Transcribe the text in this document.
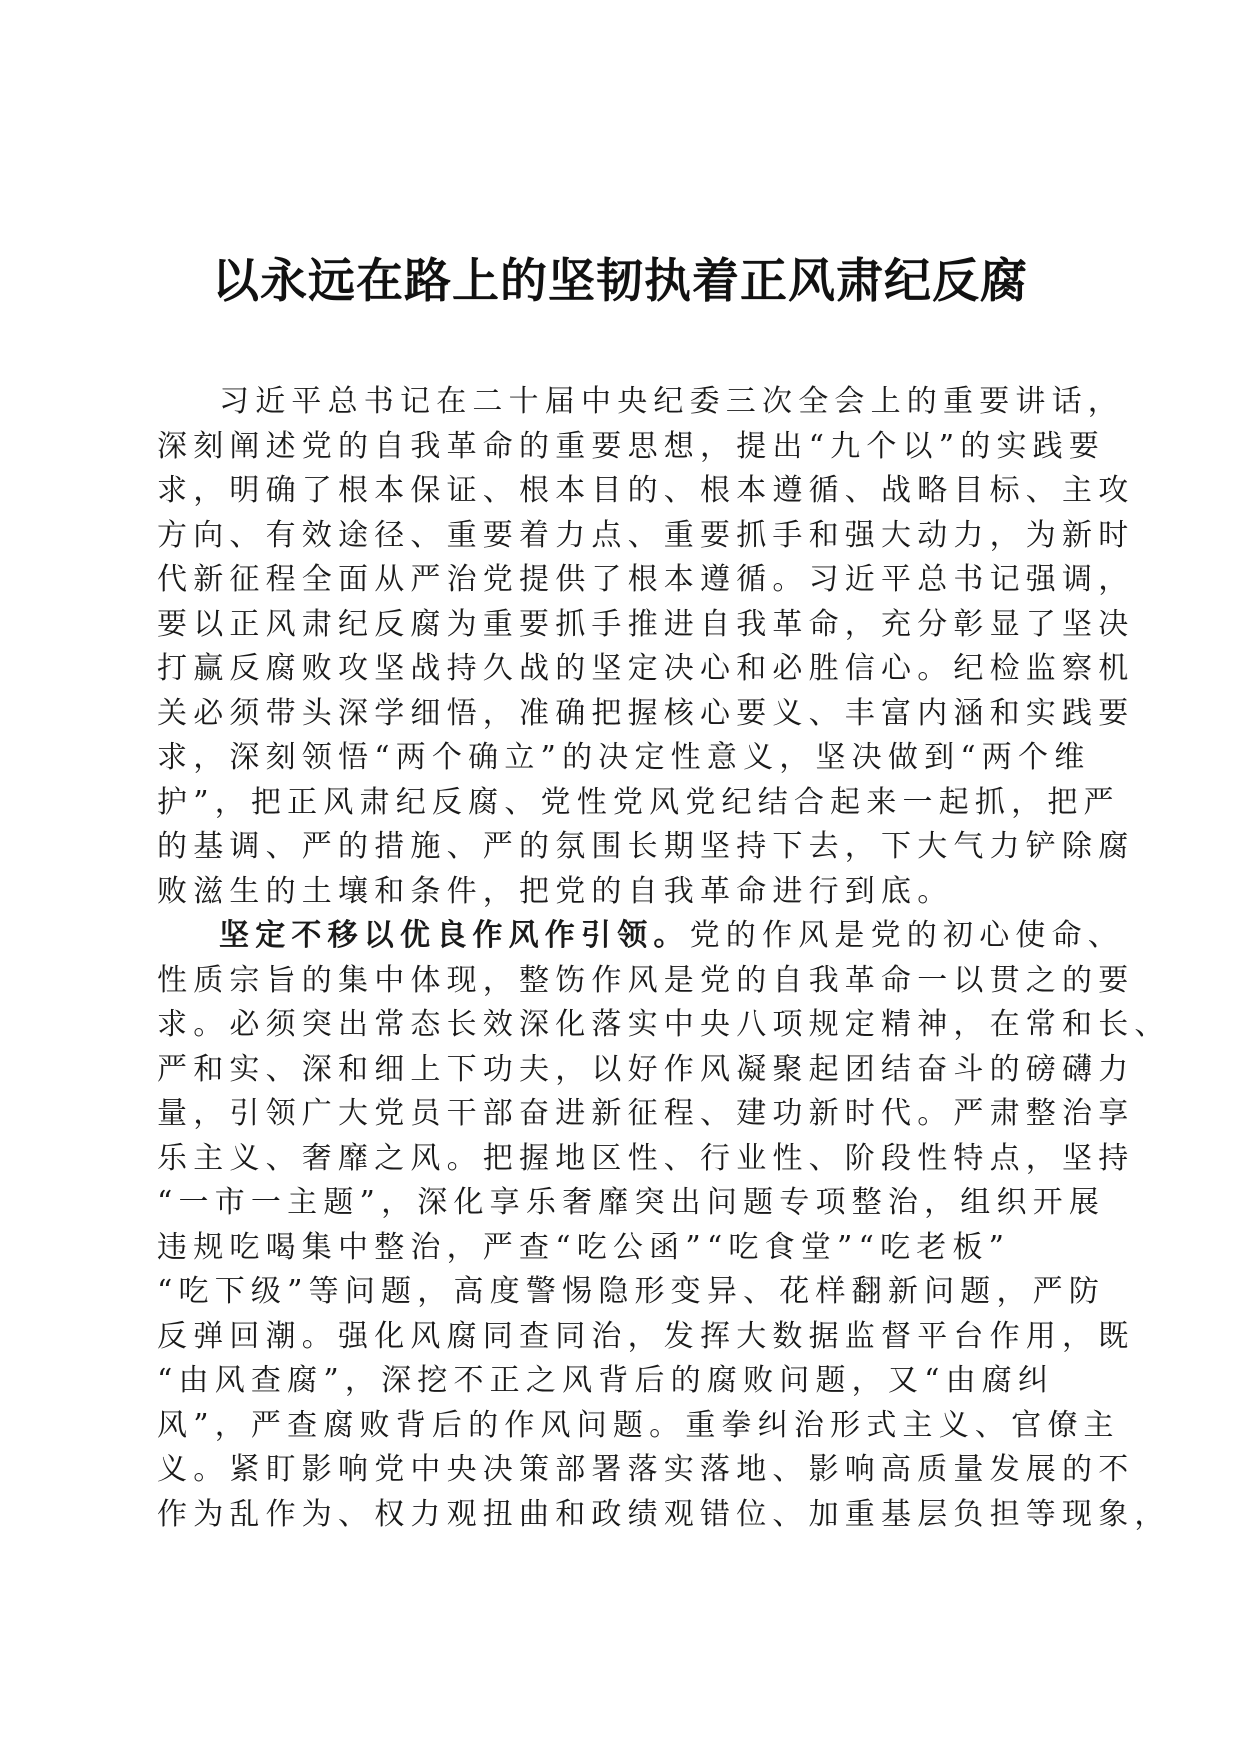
以永远在路上的坚韧执着正风肃纪反腐
习近平总书记在二十届中央纪委三次全会上的重要讲话，
深刻阐述党的自我革命的重要思想，提出“九个以”的实践要
求，明确了根本保证、根本目的、根本遵循、战略目标、主攻
方向、有效途径、重要着力点、重要抓手和强大动力，为新时
代新征程全面从严治党提供了根本遵循。习近平总书记强调，
要以正风肃纪反腐为重要抓手推进自我革命，充分彰显了坚决
打赢反腐败攻坚战持久战的坚定决心和必胜信心。纪检监察机
关必须带头深学细悟，准确把握核心要义、丰富内涵和实践要
求，深刻领悟“两个确立”的决定性意义，坚决做到“两个维
护”，把正风肃纪反腐、党性党风党纪结合起来一起抓，把严
的基调、严的措施、严的氛围长期坚持下去，下大气力铲除腐
败滋生的土壤和条件，把党的自我革命进行到底。
坚定不移以优良作风作引领。党的作风是党的初心使命、
性质宗旨的集中体现，整饬作风是党的自我革命一以贯之的要
求。必须突出常态长效深化落实中央八项规定精神，在常和长、
严和实、深和细上下功夫，以好作风凝聚起团结奋斗的磅礴力
量，引领广大党员干部奋进新征程、建功新时代。严肃整治享
乐主义、奢靡之风。把握地区性、行业性、阶段性特点，坚持
“一市一主题”，深化享乐奢靡突出问题专项整治，组织开展
违规吃喝集中整治，严查“吃公函”“吃食堂”“吃老板”
“吃下级”等问题，高度警惕隐形变异、花样翻新问题，严防
反弹回潮。强化风腐同查同治，发挥大数据监督平台作用，既
“由风查腐”，深挖不正之风背后的腐败问题，又“由腐纠
风”，严查腐败背后的作风问题。重拳纠治形式主义、官僚主
义。紧盯影响党中央决策部署落实落地、影响高质量发展的不
作为乱作为、权力观扭曲和政绩观错位、加重基层负担等现象，
